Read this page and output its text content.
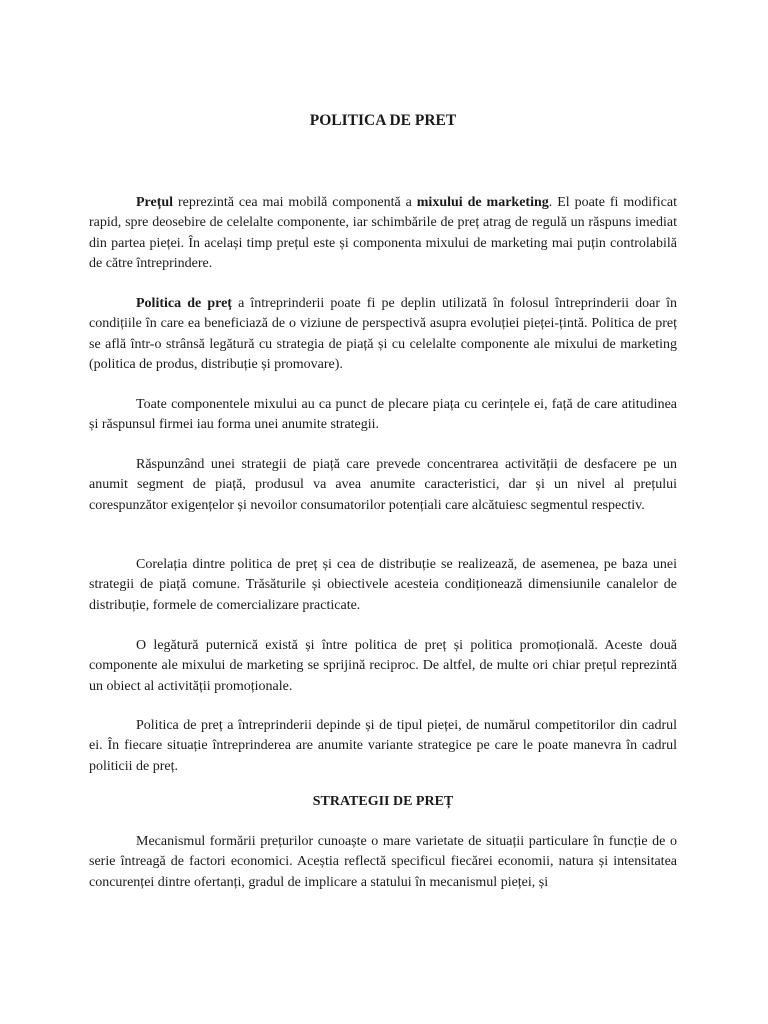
POLITICA DE PRET

Prețul reprezintă cea mai mobilă componentă a mixului de marketing. El poate fi modificat rapid, spre deosebire de celelalte componente, iar schimbările de preț atrag de regulă un răspuns imediat din partea pieței. În același timp prețul este și componenta mixului de marketing mai puțin controlabilă de către întreprindere.

Politica de preț a întreprinderii poate fi pe deplin utilizată în folosul întreprinderii doar în condițiile în care ea beneficiază de o viziune de perspectivă asupra evoluției pieței-țintă. Politica de preț se află într-o strânsă legătură cu strategia de piață și cu celelalte componente ale mixului de marketing (politica de produs, distribuție și promovare).

Toate componentele mixului au ca punct de plecare piața cu cerințele ei, față de care atitudinea și răspunsul firmei iau forma unei anumite strategii.

Răspunzând unei strategii de piață care prevede concentrarea activității de desfacere pe un anumit segment de piață, produsul va avea anumite caracteristici, dar și un nivel al prețului corespunzător exigențelor și nevoilor consumatorilor potențiali care alcătuiesc segmentul respectiv.

Corelația dintre politica de preț și cea de distribuție se realizează, de asemenea, pe baza unei strategii de piață comune. Trăsăturile și obiectivele acesteia condiționează dimensiunile canalelor de distribuție, formele de comercializare practicate.

O legătură puternică există și între politica de preț și politica promoțională. Aceste două componente ale mixului de marketing se sprijină reciproc. De altfel, de multe ori chiar prețul reprezintă un obiect al activității promoționale.

Politica de preț a întreprinderii depinde și de tipul pieței, de numărul competitorilor din cadrul ei. În fiecare situație întreprinderea are anumite variante strategice pe care le poate manevra în cadrul politicii de preț.

STRATEGII DE PREȚ

Mecanismul formării prețurilor cunoaște o mare varietate de situații particulare în funcție de o serie întreagă de factori economici. Aceștia reflectă specificul fiecărei economii, natura și intensitatea concurenței dintre ofertanți, gradul de implicare a statului în mecanismul pieței, și
